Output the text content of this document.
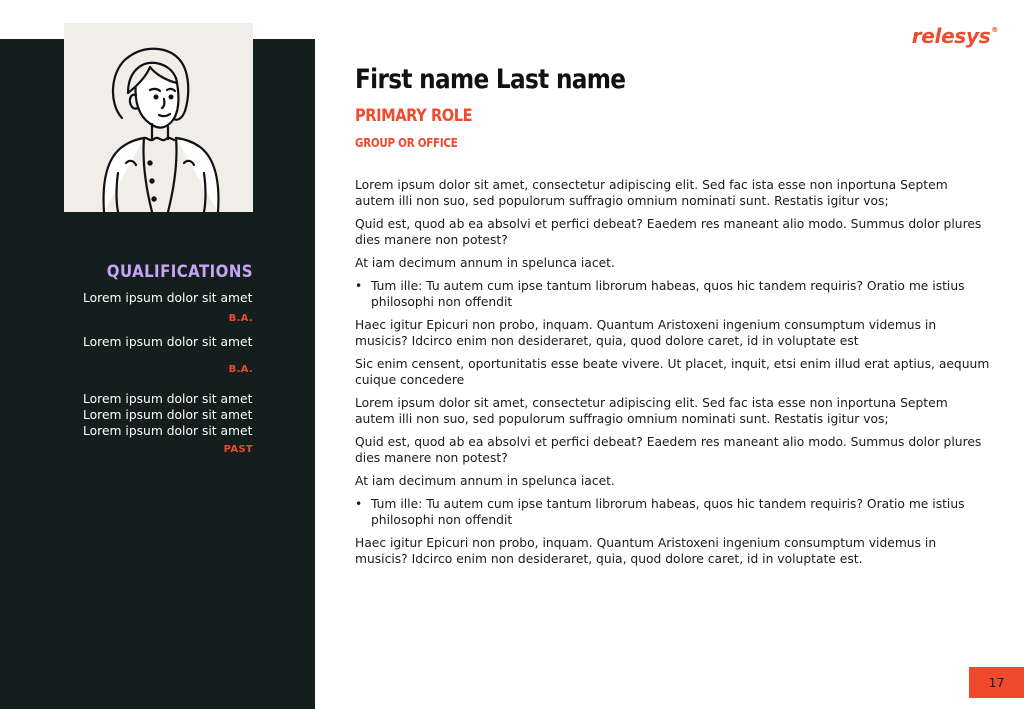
relesys®
QUALIFICATIONS
Lorem ipsum dolor sit amet
B.A.
Lorem ipsum dolor sit amet
B.A.
Lorem ipsum dolor sit amet
Lorem ipsum dolor sit amet
Lorem ipsum dolor sit amet
PAST
First name Last name
PRIMARY ROLE
GROUP OR OFFICE

Lorem ipsum dolor sit amet, consectetur adipiscing elit. Sed fac ista esse non inportuna Septem autem illi non suo, sed populorum suffragio omnium nominati sunt. Restatis igitur vos;

Quid est, quod ab ea absolvi et perfici debeat? Eaedem res maneant alio modo. Summus dolor plures dies manere non potest?

At iam decimum annum in spelunca iacet.

• Tum ille: Tu autem cum ipse tantum librorum habeas, quos hic tandem requiris? Oratio me istius philosophi non offendit

Haec igitur Epicuri non probo, inquam. Quantum Aristoxeni ingenium consumptum videmus in musicis? Idcirco enim non desideraret, quia, quod dolore caret, id in voluptate est

Sic enim censent, oportunitatis esse beate vivere. Ut placet, inquit, etsi enim illud erat aptius, aequum cuique concedere

Lorem ipsum dolor sit amet, consectetur adipiscing elit. Sed fac ista esse non inportuna Septem autem illi non suo, sed populorum suffragio omnium nominati sunt. Restatis igitur vos;

Quid est, quod ab ea absolvi et perfici debeat? Eaedem res maneant alio modo. Summus dolor plures dies manere non potest?

At iam decimum annum in spelunca iacet.

• Tum ille: Tu autem cum ipse tantum librorum habeas, quos hic tandem requiris? Oratio me istius philosophi non offendit

Haec igitur Epicuri non probo, inquam. Quantum Aristoxeni ingenium consumptum videmus in musicis? Idcirco enim non desideraret, quia, quod dolore caret, id in voluptate est.

17
